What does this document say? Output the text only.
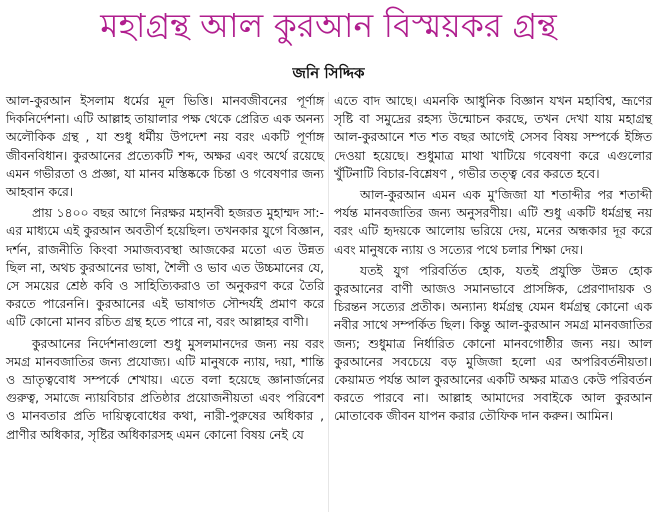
মহাগ্রন্থ আল কুরআন বিস্ময়কর গ্রন্থ
জনি সিদ্দিক

আল-কুরআন ইসলাম ধর্মের মূল ভিত্তি। মানবজীবনের পূর্ণাঙ্গ দিকনির্দেশনা। এটি আল্লাহ তায়ালার পক্ষ থেকে প্রেরিত এক অনন্য অলৌকিক গ্রন্থ , যা শুধু ধর্মীয় উপদেশ নয় বরং একটি পূর্ণাঙ্গ জীবনবিধান। কুরআনের প্রত্যেকটি শব্দ, অক্ষর এবং অর্থে রয়েছে এমন গভীরতা ও প্রজ্ঞা, যা মানব মস্তিষ্ককে চিন্তা ও গবেষণার জন্য আহবান করে।

প্রায় ১৪০০ বছর আগে নিরক্ষর মহানবী হজরত মুহাম্মদ সা:-এর মাধ্যমে এই কুরআন অবতীর্ণ হয়েছিল। তখনকার যুগে বিজ্ঞান, দর্শন, রাজনীতি কিংবা সমাজব্যবস্থা আজকের মতো এত উন্নত ছিল না, অথচ কুরআনের ভাষা, শৈলী ও ভাব এত উচ্চমানের যে, সে সময়ের শ্রেষ্ঠ কবি ও সাহিত্যিকরাও তা অনুকরণ করে তৈরি করতে পারেননি। কুরআনের এই ভাষাগত সৌন্দর্যই প্রমাণ করে এটি কোনো মানব রচিত গ্রন্থ হতে পারে না, বরং আল্লাহর বাণী।

কুরআনের নির্দেশনাগুলো শুধু মুসলমানদের জন্য নয় বরং সমগ্র মানবজাতির জন্য প্রযোজ্য। এটি মানুষকে ন্যায়, দয়া, শান্তি ও ভ্রাতৃত্ববোধ সম্পর্কে শেখায়। এতে বলা হয়েছে জ্ঞানার্জনের গুরুত্ব, সমাজে ন্যায়বিচার প্রতিষ্ঠার প্রয়োজনীয়তা এবং পরিবেশ ও মানবতার প্রতি দায়িত্ববোধের কথা, নারী-পুরুষের অধিকার , প্রাণীর অধিকার, সৃষ্টির অধিকারসহ এমন কোনো বিষয় নেই যে

এতে বাদ আছে। এমনকি আধুনিক বিজ্ঞান যখন মহাবিশ্ব, ভ্রূণের সৃষ্টি বা সমুদ্রের রহস্য উন্মোচন করছে, তখন দেখা যায় মহাগ্রন্থ আল-কুরআনে শত শত বছর আগেই সেসব বিষয় সম্পর্কে ইঙ্গিত দেওয়া হয়েছে। শুধুমাত্র মাথা খাটিয়ে গবেষণা করে এগুলোর খুঁটিনাটি বিচার-বিশ্লেষণ , গভীর তত্ত্ব বের করতে হবে।

আল-কুরআন এমন এক মু'জিজা যা শতাব্দীর পর শতাব্দী পর্যন্ত মানবজাতির জন্য অনুসরণীয়। এটি শুধু একটি ধর্মগ্রন্থ নয় বরং এটি হৃদয়কে আলোয় ভরিয়ে দেয়, মনের অন্ধকার দূর করে এবং মানুষকে ন্যায় ও সত্যের পথে চলার শিক্ষা দেয়।

যতই যুগ পরিবর্তিত হোক, যতই প্রযুক্তি উন্নত হোক কুরআনের বাণী আজও সমানভাবে প্রাসঙ্গিক, প্রেরণাদায়ক ও চিরন্তন সত্যের প্রতীক। অন্যান্য ধর্মগ্রন্থ যেমন ধর্মগ্রন্থ কোনো এক নবীর সাথে সম্পর্কিত ছিল। কিন্তু আল-কুরআন সমগ্র মানবজাতির জন্য; শুধুমাত্র নির্ধারিত কোনো মানবগোষ্ঠীর জন্য নয়। আল কুরআনের সবচেয়ে বড় মুজিজা হলো এর অপরিবর্তনীয়তা। কেয়ামত পর্যন্ত আল কুরআনের একটি অক্ষর মাত্রও কেউ পরিবর্তন করতে পারবে না। আল্লাহ আমাদের সবাইকে আল কুরআন মোতাবেক জীবন যাপন করার তৌফিক দান করুন। আমিন।
